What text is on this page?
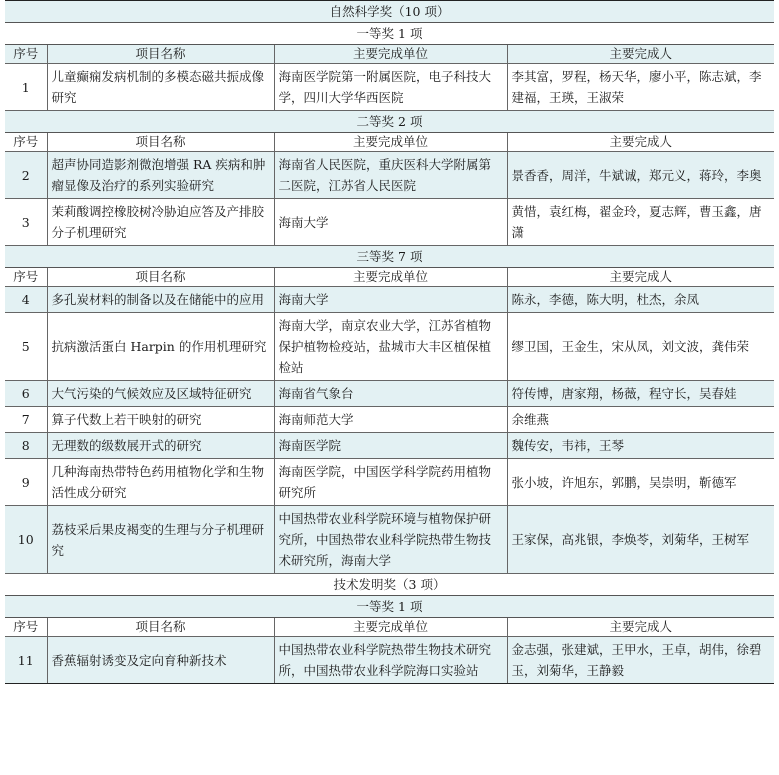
自然科学奖（10 项）			
一等奖 1 项			
序号	项目名称	主要完成单位	主要完成人
1	儿童癫痫发病机制的多模态磁共振成像研究	海南医学院第一附属医院，电子科技大学，四川大学华西医院	李其富，罗程，杨天华，廖小平，陈志斌，李建福，王瑛，王淑荣
二等奖 2 项			
序号	项目名称	主要完成单位	主要完成人
2	超声协同造影剂微泡增强 RA 疾病和肿瘤显像及治疗的系列实验研究	海南省人民医院，重庆医科大学附属第二医院，江苏省人民医院	景香香，周洋，牛斌诚，郑元义，蒋玲，李奥
3	茉莉酸调控橡胶树冷胁迫应答及产排胶分子机理研究	海南大学	黄惜，袁红梅，翟金玲，夏志辉，曹玉鑫，唐潇
三等奖 7 项			
序号	项目名称	主要完成单位	主要完成人
4	多孔炭材料的制备以及在储能中的应用	海南大学	陈永，李德，陈大明，杜杰，余凤
5	抗病激活蛋白 Harpin 的作用机理研究	海南大学，南京农业大学，江苏省植物保护植物检疫站，盐城市大丰区植保植检站	缪卫国，王金生，宋从凤，刘文波，龚伟荣
6	大气污染的气候效应及区域特征研究	海南省气象台	符传博，唐家翔，杨薇，程守长，吴春娃
7	算子代数上若干映射的研究	海南师范大学	余维燕
8	无理数的级数展开式的研究	海南医学院	魏传安，韦祎，王琴
9	几种海南热带特色药用植物化学和生物活性成分研究	海南医学院，中国医学科学院药用植物研究所	张小坡，许旭东，郭鹏，吴崇明，靳德军
10	荔枝采后果皮褐变的生理与分子机理研究	中国热带农业科学院环境与植物保护研究所，中国热带农业科学院热带生物技术研究所，海南大学	王家保，高兆银，李焕苓，刘菊华，王树军
技术发明奖（3 项）			
一等奖 1 项			
序号	项目名称	主要完成单位	主要完成人
11	香蕉辐射诱变及定向育种新技术	中国热带农业科学院热带生物技术研究所，中国热带农业科学院海口实验站	金志强，张建斌，王甲水，王卓，胡伟，徐碧玉，刘菊华，王静毅
